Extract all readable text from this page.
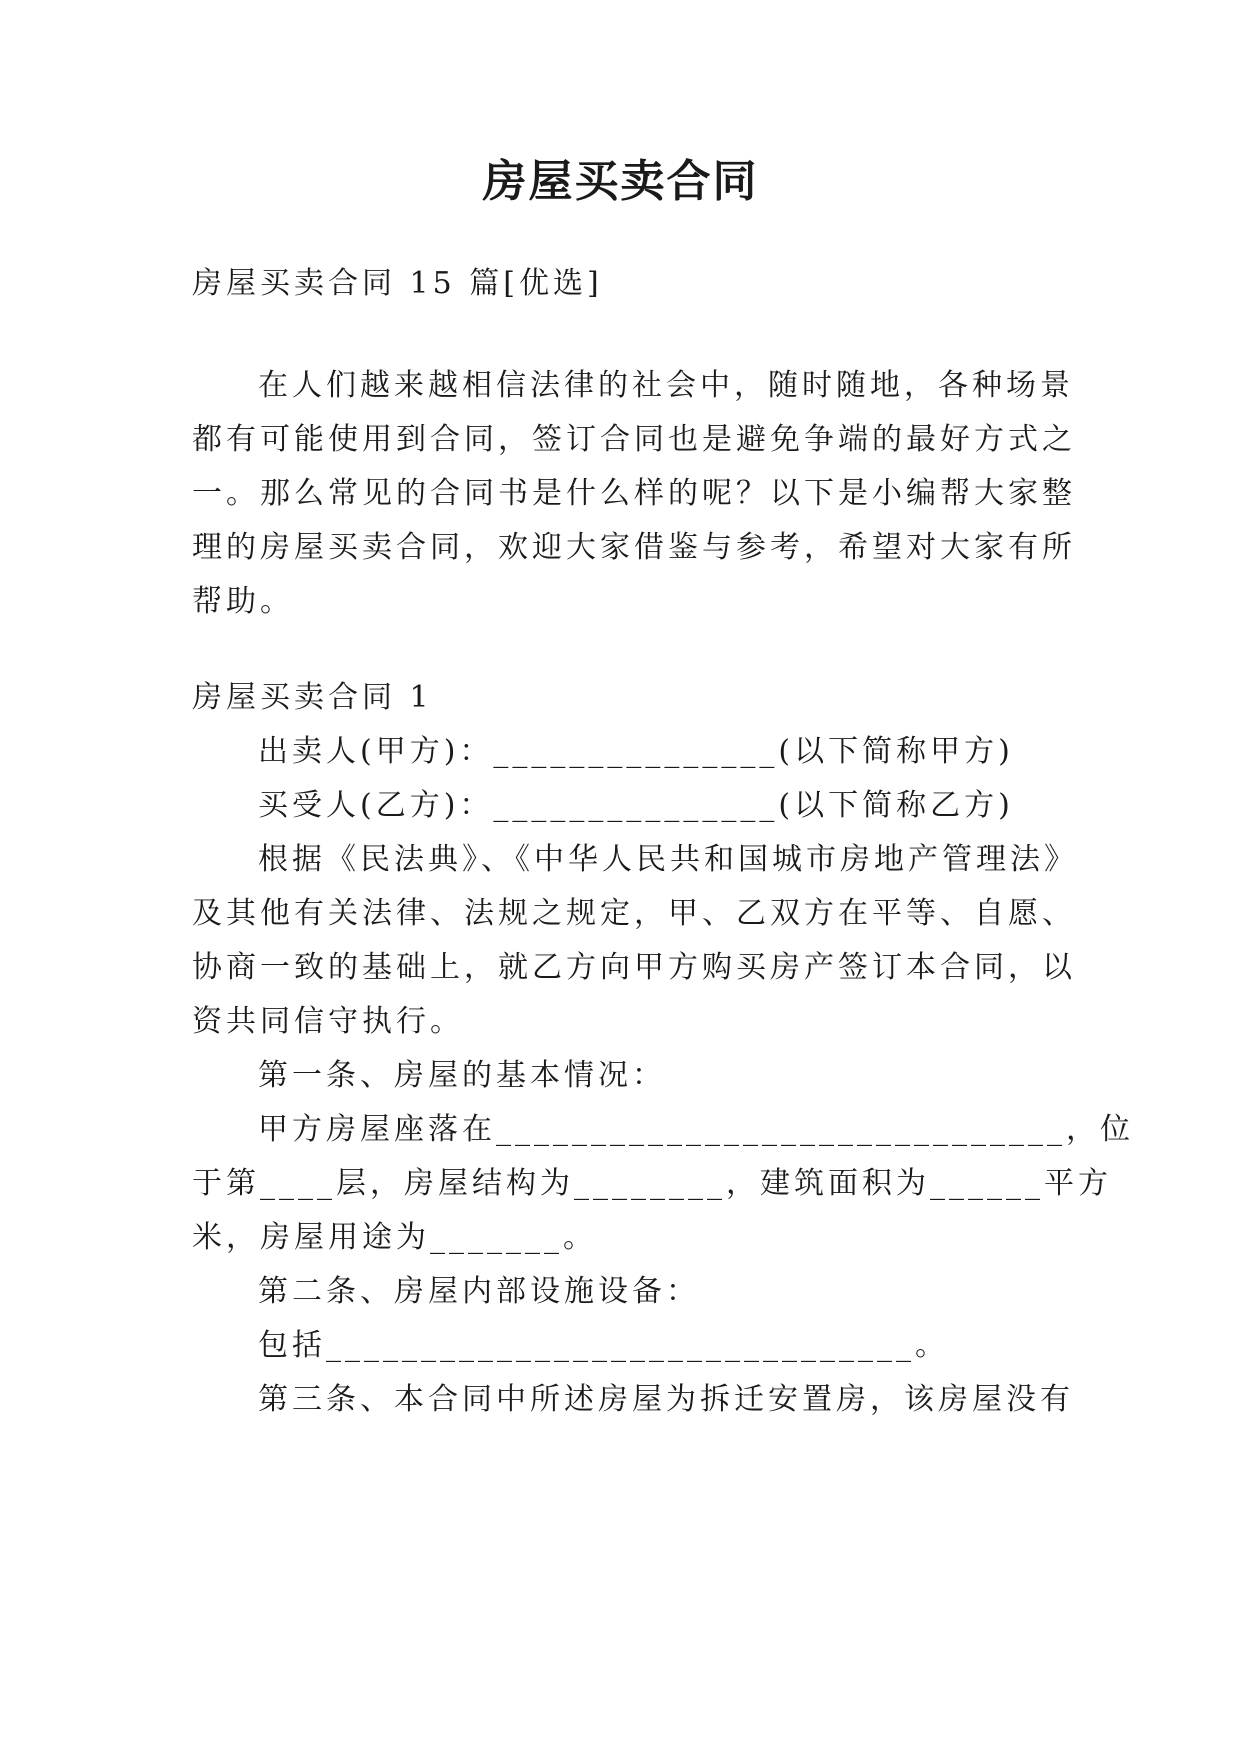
房屋买卖合同
房屋买卖合同 15 篇[优选]
在人们越来越相信法律的社会中，随时随地，各种场景
都有可能使用到合同，签订合同也是避免争端的最好方式之
一。那么常见的合同书是什么样的呢？以下是小编帮大家整
理的房屋买卖合同，欢迎大家借鉴与参考，希望对大家有所
帮助。
房屋买卖合同 1
出卖人(甲方)：_______________(以下简称甲方)
买受人(乙方)：_______________(以下简称乙方)
根据《民法典》、《中华人民共和国城市房地产管理法》
及其他有关法律、法规之规定，甲、乙双方在平等、自愿、
协商一致的基础上，就乙方向甲方购买房产签订本合同，以
资共同信守执行。
第一条、房屋的基本情况：
甲方房屋座落在______________________________，位
于第____层，房屋结构为________，建筑面积为______平方
米，房屋用途为_______。
第二条、房屋内部设施设备：
包括_______________________________。
第三条、本合同中所述房屋为拆迁安置房，该房屋没有
